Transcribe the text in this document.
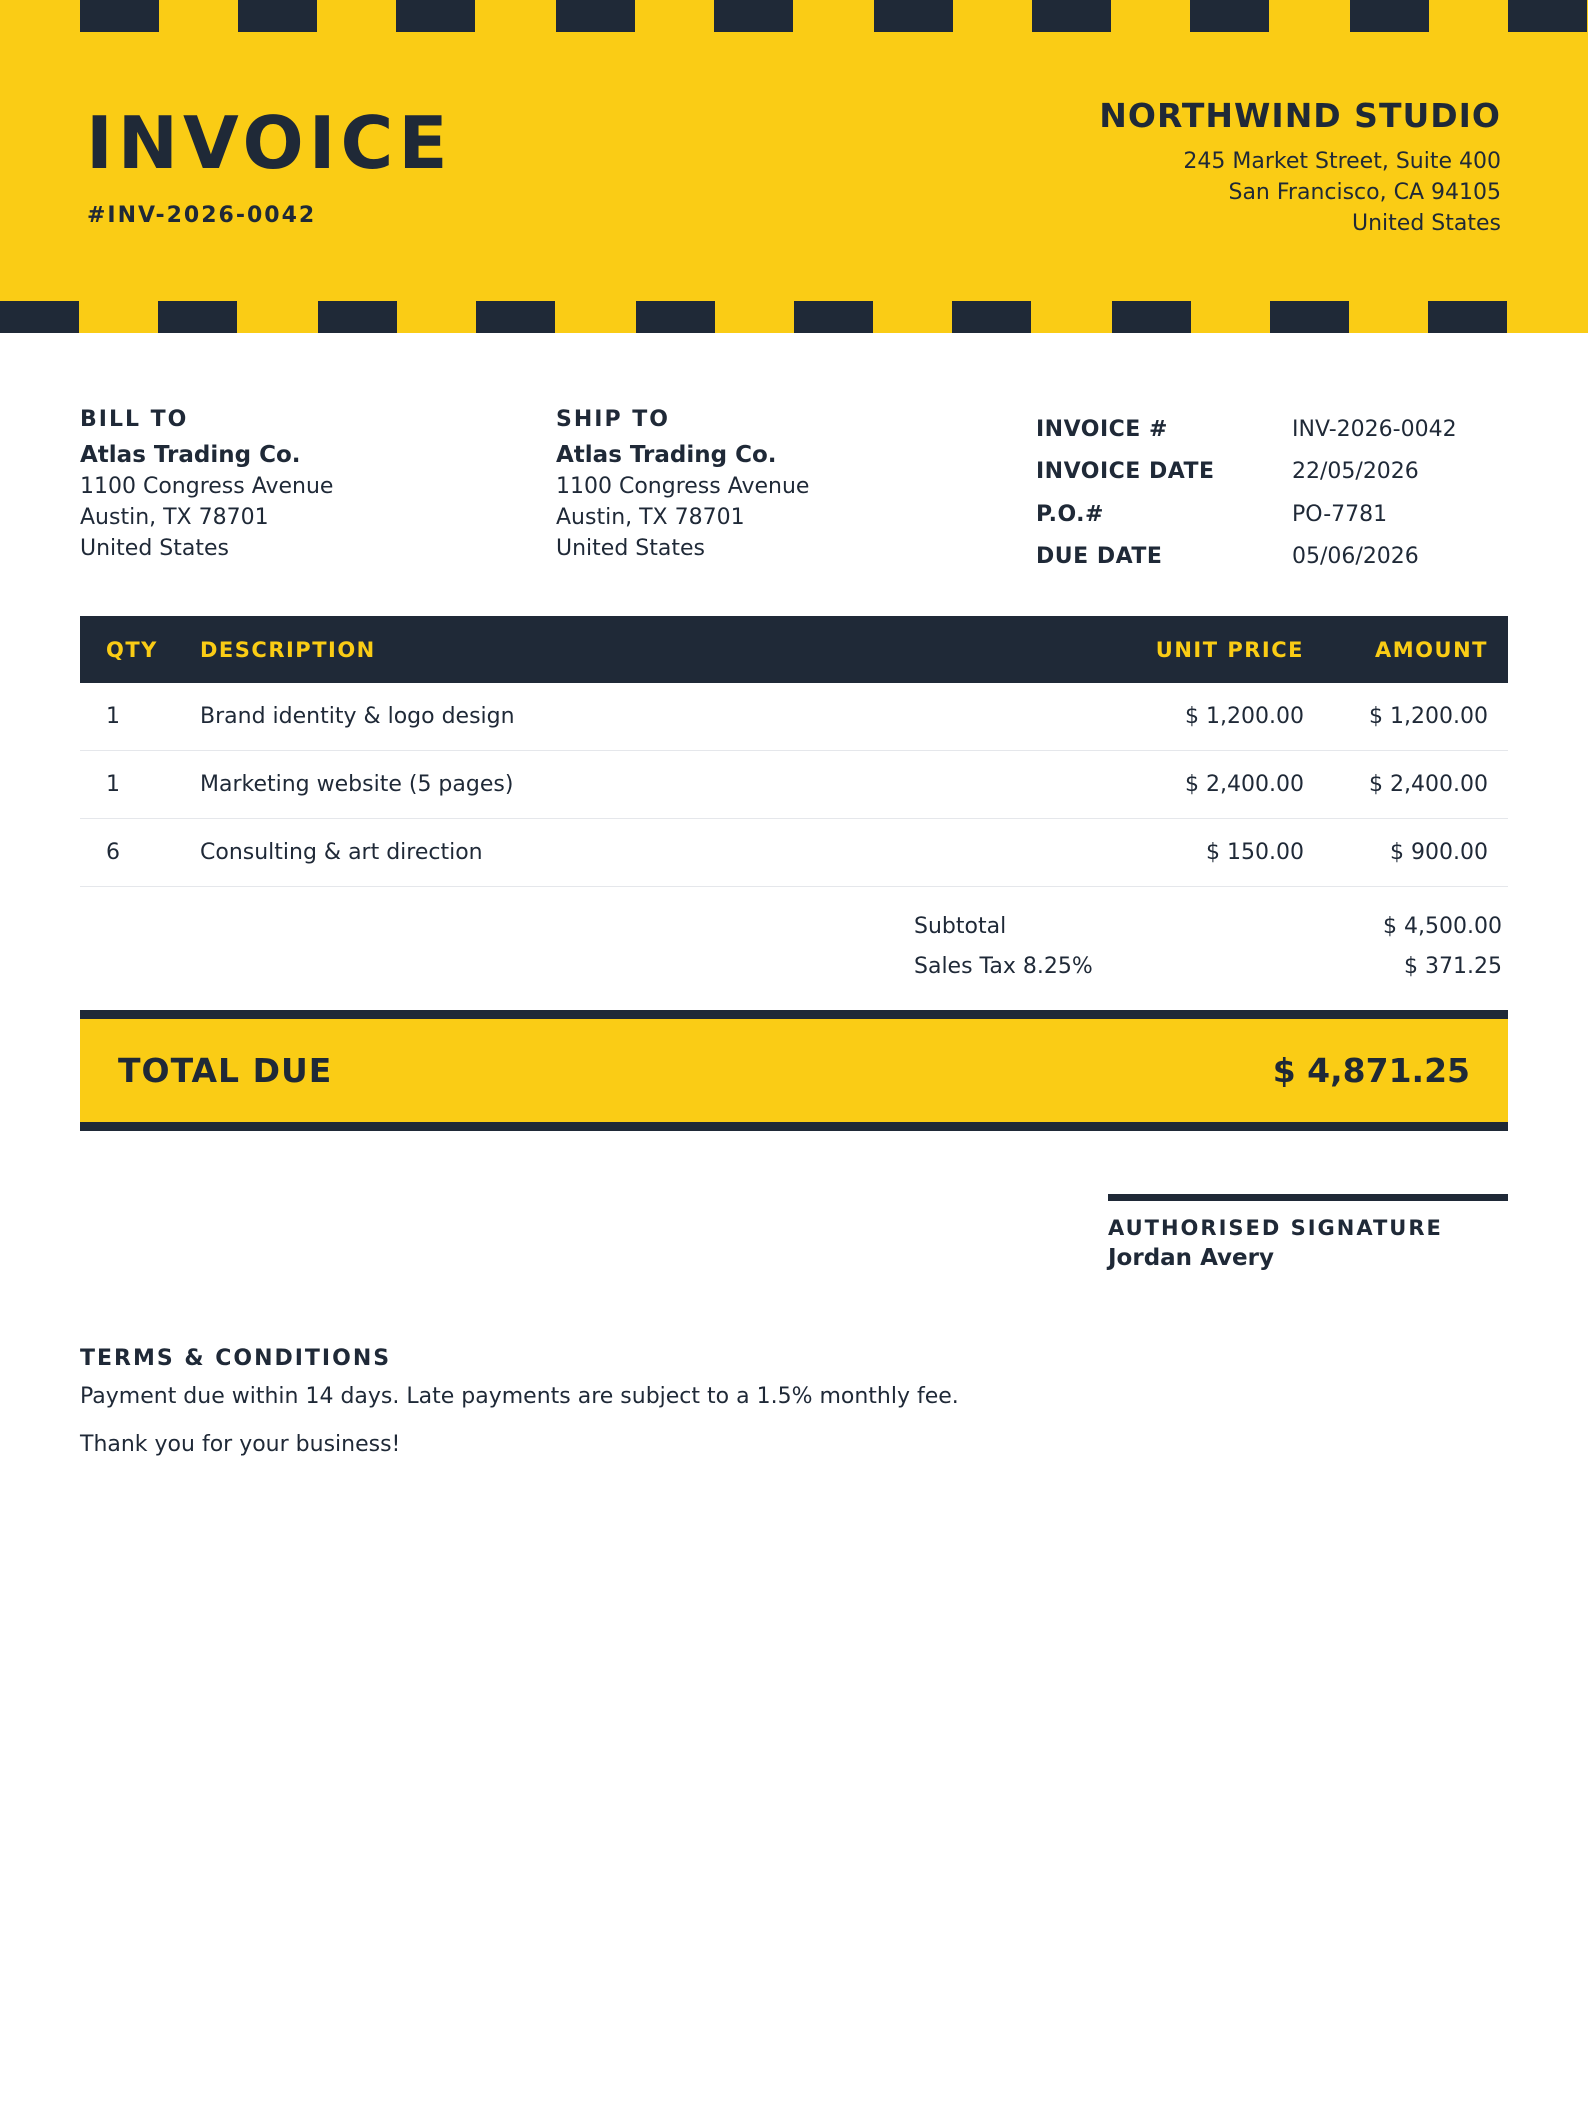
INVOICE
#INV-2026-0042
NORTHWIND STUDIO
245 Market Street, Suite 400
San Francisco, CA 94105
United States
BILL TO
Atlas Trading Co.
1100 Congress Avenue
Austin, TX 78701
United States
SHIP TO
Atlas Trading Co.
1100 Congress Avenue
Austin, TX 78701
United States
INVOICE #	INV-2026-0042
INVOICE DATE	22/05/2026
P.O.#	PO-7781
DUE DATE	05/06/2026
QTY	DESCRIPTION	UNIT PRICE	AMOUNT
1	Brand identity & logo design	$ 1,200.00	$ 1,200.00
1	Marketing website (5 pages)	$ 2,400.00	$ 2,400.00
6	Consulting & art direction	$ 150.00	$ 900.00
Subtotal	$ 4,500.00
Sales Tax 8.25%	$ 371.25
TOTAL DUE	$ 4,871.25
AUTHORISED SIGNATURE
Jordan Avery
TERMS & CONDITIONS
Payment due within 14 days. Late payments are subject to a 1.5% monthly fee.
Thank you for your business!
